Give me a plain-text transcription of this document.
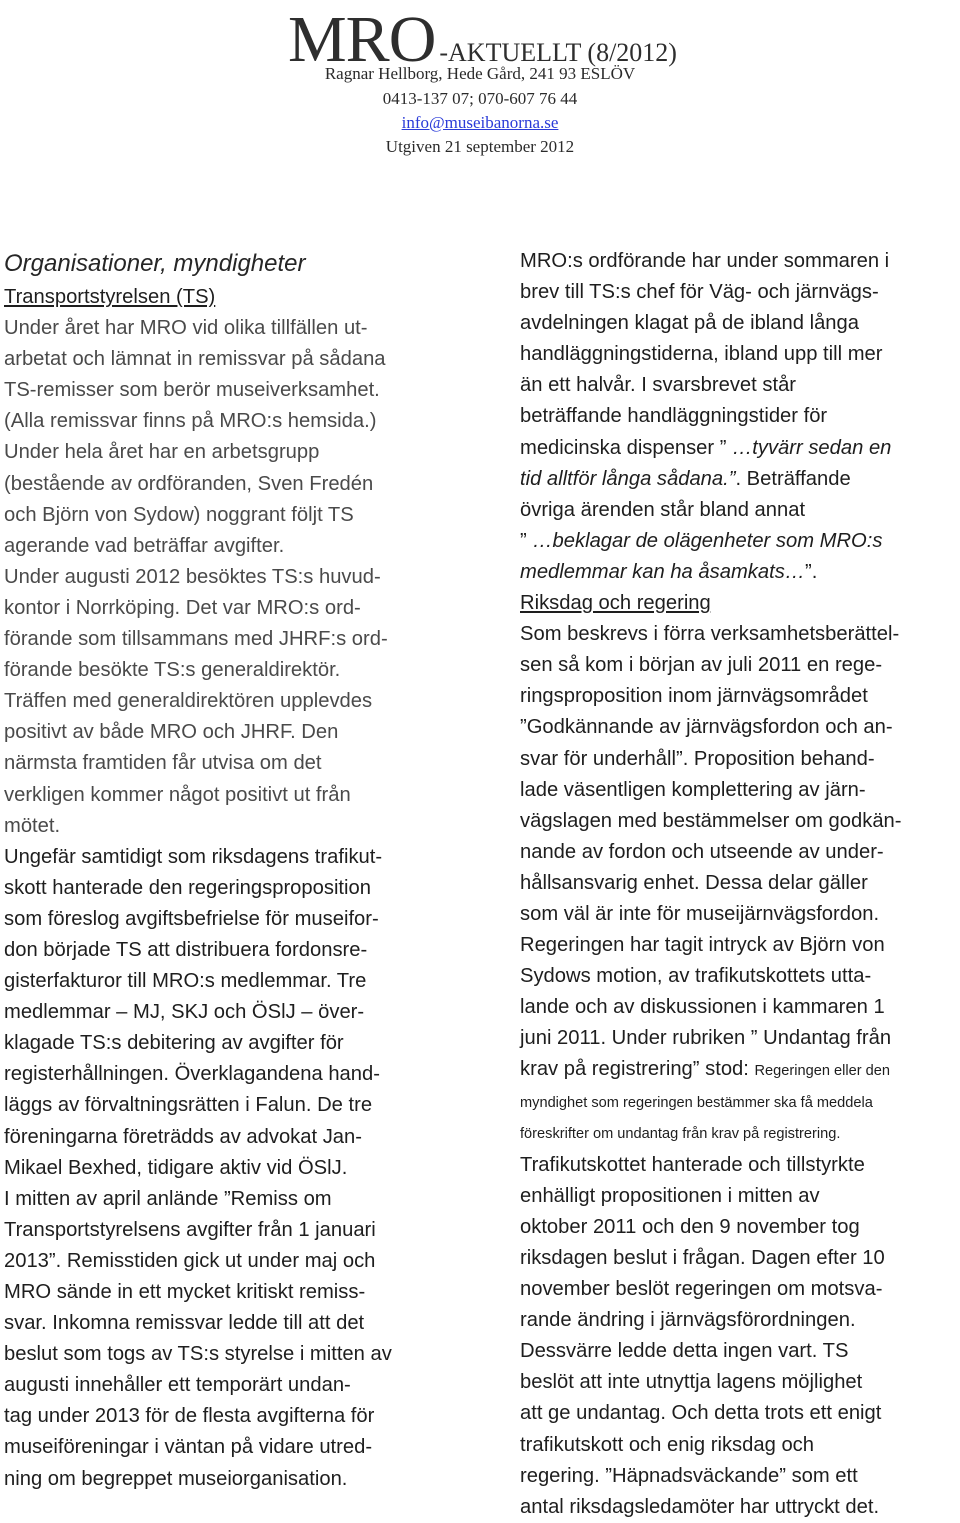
MRO -AKTUELLT (8/2012)
Ragnar Hellborg, Hede Gård, 241 93 ESLÖV
0413-137 07; 070-607 76 44
info@museibanorna.se
Utgiven 21 september 2012
Organisationer, myndigheter
Transportstyrelsen (TS)
Under året har MRO vid olika tillfällen ut-
arbetat och lämnat in remissvar på sådana
TS-remisser som berör museiverksamhet.
(Alla remissvar finns på MRO:s hemsida.)
Under hela året har en arbetsgrupp
(bestående av ordföranden, Sven Fredén
och Björn von Sydow) noggrant följt TS
agerande vad beträffar avgifter.
Under augusti 2012 besöktes TS:s huvud-
kontor i Norrköping. Det var MRO:s ord-
förande som tillsammans med JHRF:s ord-
förande besökte TS:s generaldirektör.
Träffen med generaldirektören upplevdes
positivt av både MRO och JHRF. Den
närmsta framtiden får utvisa om det
verkligen kommer något positivt ut från
mötet.
Ungefär samtidigt som riksdagens trafikut-
skott hanterade den regeringsproposition
som föreslog avgiftsbefrielse för museifor-
don började TS att distribuera fordonsre-
gisterfakturor till MRO:s medlemmar. Tre
medlemmar – MJ, SKJ och ÖSlJ – över-
klagade TS:s debitering av avgifter för
registerhållningen. Överklagandena hand-
läggs av förvaltningsrätten i Falun. De tre
föreningarna företrädds av advokat Jan-
Mikael Bexhed, tidigare aktiv vid ÖSlJ.
I mitten av april anlände ”Remiss om
Transportstyrelsens avgifter från 1 januari
2013”. Remisstiden gick ut under maj och
MRO sände in ett mycket kritiskt remiss-
svar. Inkomna remissvar ledde till att det
beslut som togs av TS:s styrelse i mitten av
augusti innehåller ett temporärt undan-
tag under 2013 för de flesta avgifterna för
museiföreningar i väntan på vidare utred-
ning om begreppet museiorganisation.
MRO:s ordförande har under sommaren i
brev till TS:s chef för Väg- och järnvägs-
avdelningen klagat på de ibland långa
handläggningstiderna, ibland upp till mer
än ett halvår. I svarsbrevet står
beträffande handläggningstider för
medicinska dispenser ” …tyvärr sedan en
tid alltför långa sådana.”. Beträffande
övriga ärenden står bland annat
” …beklagar de olägenheter som MRO:s
medlemmar kan ha åsamkats…”.
Riksdag och regering
Som beskrevs i förra verksamhetsberättel-
sen så kom i början av juli 2011 en rege-
ringsproposition inom järnvägsområdet
”Godkännande av järnvägsfordon och an-
svar för underhåll”. Proposition behand-
lade väsentligen komplettering av järn-
vägslagen med bestämmelser om godkän-
nande av fordon och utseende av under-
hållsansvarig enhet. Dessa delar gäller
som väl är inte för museijärnvägsfordon.
Regeringen har tagit intryck av Björn von
Sydows motion, av trafikutskottets utta-
lande och av diskussionen i kammaren 1
juni 2011. Under rubriken ” Undantag från
krav på registrering” stod: Regeringen eller den
myndighet som regeringen bestämmer ska få meddela
föreskrifter om undantag från krav på registrering.
Trafikutskottet hanterade och tillstyrkte
enhälligt propositionen i mitten av
oktober 2011 och den 9 november tog
riksdagen beslut i frågan. Dagen efter 10
november beslöt regeringen om motsva-
rande ändring i järnvägsförordningen.
Dessvärre ledde detta ingen vart. TS
beslöt att inte utnyttja lagens möjlighet
att ge undantag. Och detta trots ett enigt
trafikutskott och enig riksdag och
regering. ”Häpnadsväckande” som ett
antal riksdagsledamöter har uttryckt det.
